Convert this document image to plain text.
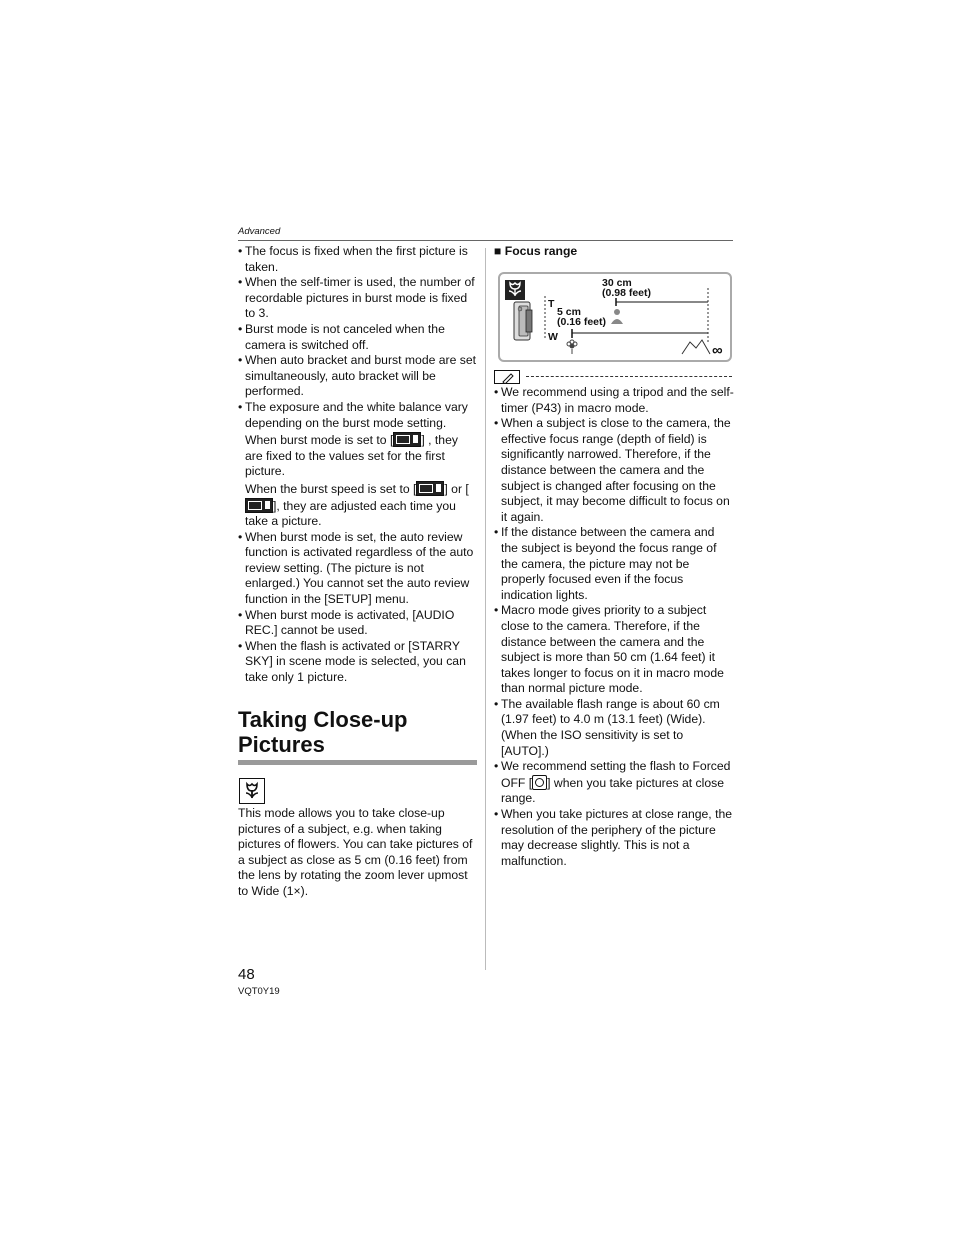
Advanced
• The focus is fixed when the first picture is taken.
• When the self-timer is used, the number of recordable pictures in burst mode is fixed to 3.
• Burst mode is not canceled when the camera is switched off.
• When auto bracket and burst mode are set simultaneously, auto bracket will be performed.
• The exposure and the white balance vary depending on the burst mode setting.
When burst mode is set to [ ] , they are fixed to the values set for the first picture.
When the burst speed is set to [ ] or [], they are adjusted each time you take a picture.
• When burst mode is set, the auto review function is activated regardless of the auto review setting. (The picture is not enlarged.) You cannot set the auto review function in the [SETUP] menu.
• When burst mode is activated, [AUDIO REC.] cannot be used.
• When the flash is activated or [STARRY SKY] in scene mode is selected, you can take only 1 picture.
Taking Close-up
Pictures
This mode allows you to take close-up pictures of a subject, e.g. when taking pictures of flowers. You can take pictures of a subject as close as 5 cm (0.16 feet) from the lens by rotating the zoom lever upmost to Wide (1×).
■ Focus range
T
W
30 cm
(0.98 feet)
5 cm
(0.16 feet)
∞
• We recommend using a tripod and the self-timer (P43) in macro mode.
• When a subject is close to the camera, the effective focus range (depth of field) is significantly narrowed. Therefore, if the distance between the camera and the subject is changed after focusing on the subject, it may become difficult to focus on it again.
• If the distance between the camera and the subject is beyond the focus range of the camera, the picture may not be properly focused even if the focus indication lights.
• Macro mode gives priority to a subject close to the camera. Therefore, if the distance between the camera and the subject is more than 50 cm (1.64 feet) it takes longer to focus on it in macro mode than normal picture mode.
• The available flash range is about 60 cm (1.97 feet) to 4.0 m (13.1 feet) (Wide). (When the ISO sensitivity is set to [AUTO].)
• We recommend setting the flash to Forced OFF [ ] when you take pictures at close range.
• When you take pictures at close range, the resolution of the periphery of the picture may decrease slightly. This is not a malfunction.
48
VQT0Y19
